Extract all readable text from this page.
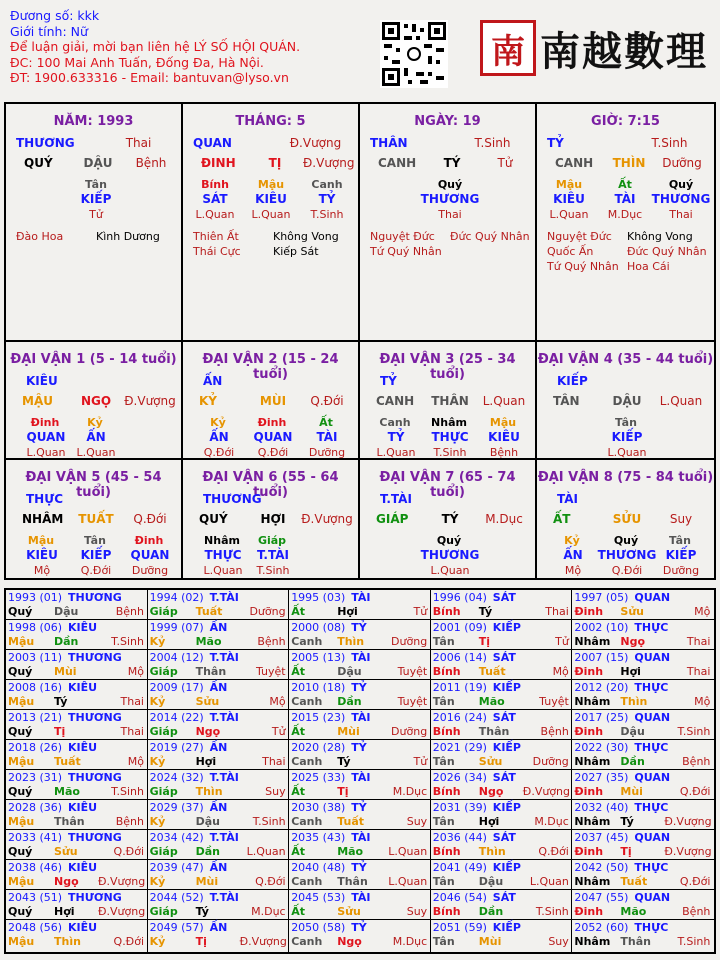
Đương số: kkk
Giới tính: Nữ
Để luận giải, mời bạn liên hệ LÝ SỐ HỘI QUÁN.
ĐC: 100 Mai Anh Tuấn, Đống Đa, Hà Nội.
ĐT: 1900.633316 - Email: bantuvan@lyso.vn
南 南越數理
NĂM: 1993
THƯƠNG	Thai
QUÝ	DẬU	Bệnh
Tân
KIẾP
Tử
Đào Hoa	Kình Dương
THÁNG: 5
QUAN	Đ.Vượng
ĐINH	TỊ	Đ.Vượng
Bính
SÁT
L.Quan
Mậu
KIÊU
L.Quan
Canh
TỶ
T.Sinh
Thiên Ất	Không Vong
Thái Cực	Kiếp Sát
NGÀY: 19
THÂN	T.Sinh
CANH	TÝ	Tử
Quý
THƯƠNG
Thai
Nguyệt Đức Đức Quý Nhân
Tứ Quý Nhân
GIỜ: 7:15
TỶ	T.Sinh
CANH	THÌN	Dưỡng
Mậu
KIÊU
L.Quan
Ất
TÀI
M.Dục
Quý
THƯƠNG
Thai
Nguyệt Đức Không Vong
Quốc Ấn	Đức Quý Nhân
Tứ Quý Nhân Hoa Cái
ĐẠI VẬN 1 (5 - 14 tuổi)
KIÊU
MẬU	NGỌ	Đ.Vượng
Đinh
QUAN
L.Quan
Kỷ
ẤN
L.Quan
ĐẠI VẬN 2 (15 - 24 tuổi)
ẤN
KỶ	MÙI	Q.Đới
Kỷ
ẤN
Q.Đới
Đinh
QUAN
Q.Đới
Ất
TÀI
Dưỡng
ĐẠI VẬN 3 (25 - 34 tuổi)
TỶ
CANH THÂN	L.Quan
Canh
TỶ
L.Quan
Nhâm
THỰC
T.Sinh
Mậu
KIÊU
Bệnh
ĐẠI VẬN 4 (35 - 44 tuổi)
KIẾP
TÂN	DẬU	L.Quan
Tân
KIẾP
L.Quan
ĐẠI VẬN 5 (45 - 54 tuổi)
THỰC
NHÂM TUẤT	Q.Đới
Mậu
KIÊU
Mộ
Tân
KIẾP
Q.Đới
Đinh
QUAN
Dưỡng
ĐẠI VẬN 6 (55 - 64 tuổi)
THƯƠNG
QUÝ	HỢI	Đ.Vượng
Nhâm
THỰC
L.Quan
Giáp
T.TÀI
T.Sinh
ĐẠI VẬN 7 (65 - 74 tuổi)
T.TÀI
GIÁP	TÝ	M.Dục
Quý
THƯƠNG
L.Quan
ĐẠI VẬN 8 (75 - 84 tuổi)
TÀI
ẤT	SỬU	Suy
Kỷ
ẤN
Mộ
Quý
THƯƠNG
Q.Đới
Tân
KIẾP
Dưỡng
1993 (01) THƯƠNG
Quý Dậu	Bệnh
1994 (02) T.TÀI
Giáp Tuất	Dưỡng
1995 (03) TÀI
Ất	Hợi	Tử
1996 (04) SÁT
Bính Tý	Thai
1997 (05) QUAN
Đinh Sửu	Mộ
1998 (06) KIÊU
Mậu Dần	T.Sinh
1999 (07) ẤN
Kỷ	Mão	Bệnh
2000 (08) TỶ
Canh Thìn	Dưỡng
2001 (09) KIẾP
Tân Tị	Tử
2002 (10) THỰC
Nhâm Ngọ	Thai
2003 (11) THƯƠNG
Quý Mùi	Mộ
2004 (12) T.TÀI
Giáp Thân	Tuyệt
2005 (13) TÀI
Ất	Dậu	Tuyệt
2006 (14) SÁT
Bính Tuất	Mộ
2007 (15) QUAN
Đinh Hợi	Thai
2008 (16) KIÊU
Mậu Tý	Thai
2009 (17) ẤN
Kỷ	Sửu	Mộ
2010 (18) TỶ
Canh Dần	Tuyệt
2011 (19) KIẾP
Tân Mão	Tuyệt
2012 (20) THỰC
Nhâm Thìn	Mộ
2013 (21) THƯƠNG
Quý Tị	Thai
2014 (22) T.TÀI
Giáp Ngọ	Tử
2015 (23) TÀI
Ất	Mùi	Dưỡng
2016 (24) SÁT
Bính Thân	Bệnh
2017 (25) QUAN
Đinh Dậu	T.Sinh
2018 (26) KIÊU
Mậu Tuất	Mộ
2019 (27) ẤN
Kỷ	Hợi	Thai
2020 (28) TỶ
Canh Tý	Tử
2021 (29) KIẾP
Tân Sửu	Dưỡng
2022 (30) THỰC
Nhâm Dần	Bệnh
2023 (31) THƯƠNG
Quý Mão	T.Sinh
2024 (32) T.TÀI
Giáp Thìn	Suy
2025 (33) TÀI
Ất	Tị	M.Dục
2026 (34) SÁT
Bính Ngọ Đ.Vượng
2027 (35) QUAN
Đinh Mùi	Q.Đới
2028 (36) KIÊU
Mậu Thân	Bệnh
2029 (37) ẤN
Kỷ	Dậu	T.Sinh
2030 (38) TỶ
Canh Tuất	Suy
2031 (39) KIẾP
Tân Hợi	M.Dục
2032 (40) THỰC
Nhâm Tý	Đ.Vượng
2033 (41) THƯƠNG
Quý Sửu	Q.Đới
2034 (42) T.TÀI
Giáp Dần	L.Quan
2035 (43) TÀI
Ất	Mão	L.Quan
2036 (44) SÁT
Bính Thìn	Q.Đới
2037 (45) QUAN
Đinh Tị	Đ.Vượng
2038 (46) KIÊU
Mậu Ngọ Đ.Vượng
2039 (47) ẤN
Kỷ	Mùi	Q.Đới
2040 (48) TỶ
Canh Thân	L.Quan
2041 (49) KIẾP
Tân Dậu	L.Quan
2042 (50) THỰC
Nhâm Tuất	Q.Đới
2043 (51) THƯƠNG
Quý Hợi Đ.Vượng
2044 (52) T.TÀI
Giáp Tý	M.Dục
2045 (53) TÀI
Ất	Sửu	Suy
2046 (54) SÁT
Bính Dần	T.Sinh
2047 (55) QUAN
Đinh Mão	Bệnh
2048 (56) KIÊU
Mậu Thìn	Q.Đới
2049 (57) ẤN
Kỷ	Tị	Đ.Vượng
2050 (58) TỶ
Canh Ngọ	M.Dục
2051 (59) KIẾP
Tân Mùi	Suy
2052 (60) THỰC
Nhâm Thân	T.Sinh
